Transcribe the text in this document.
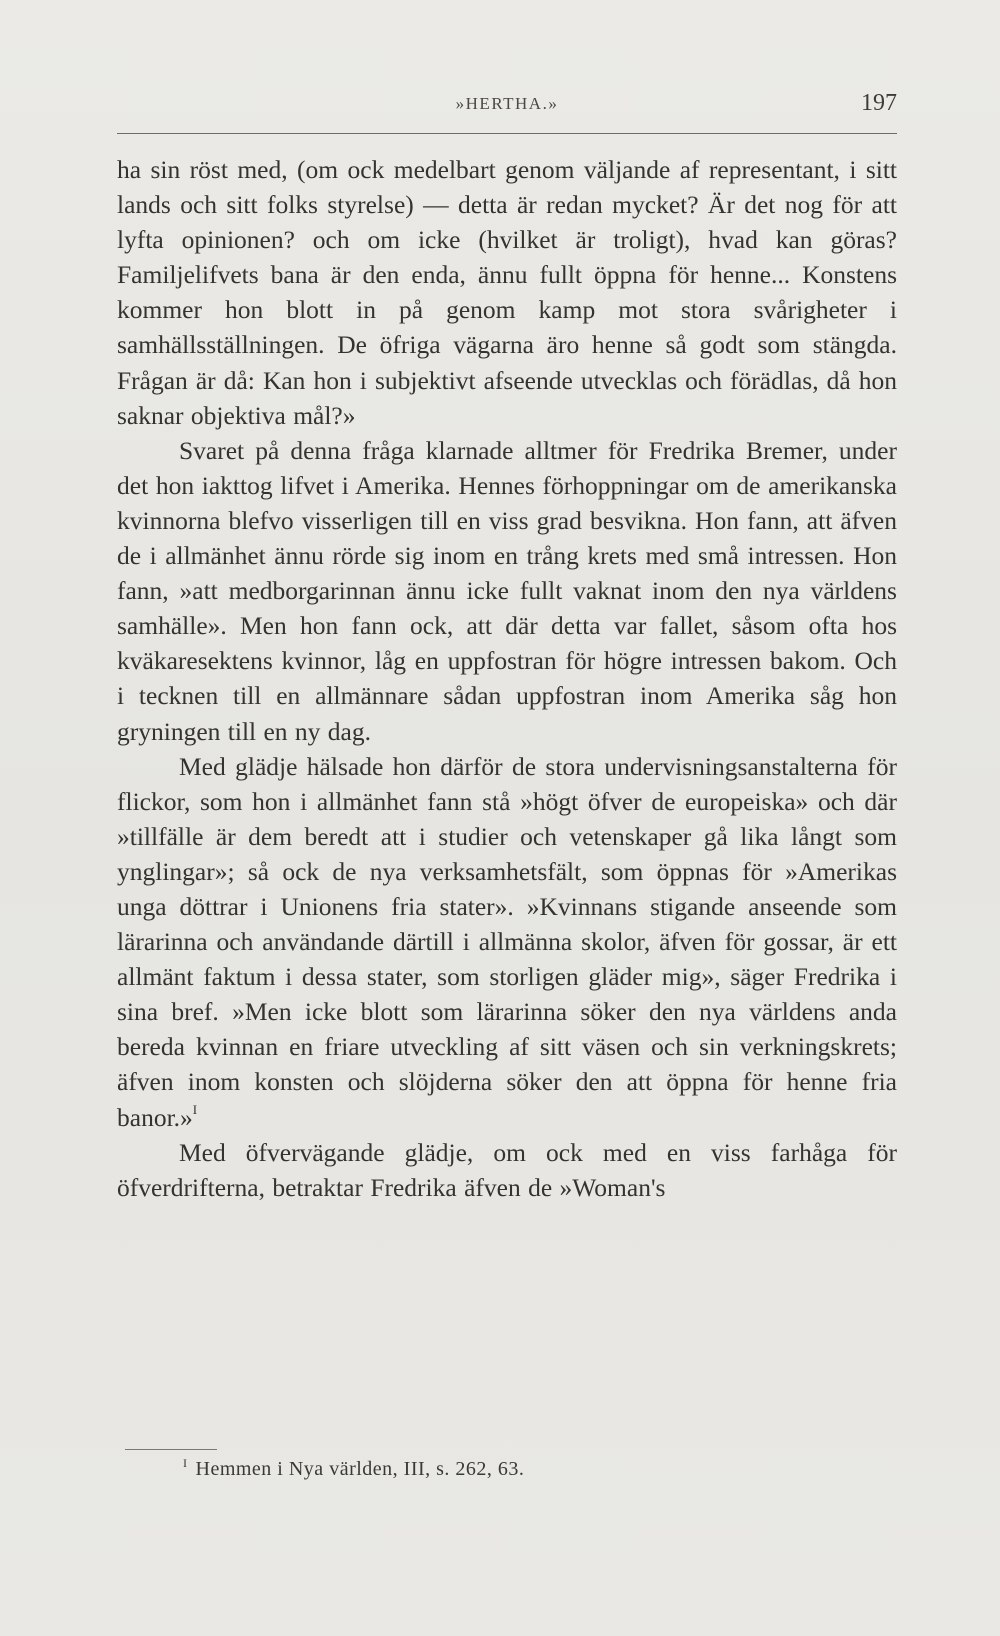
»HERTHA.»	197

ha sin röst med, (om ock medelbart genom väljande af representant, i sitt lands och sitt folks styrelse) — detta är redan mycket? Är det nog för att lyfta opinionen? och om icke (hvilket är troligt), hvad kan göras? Familjelifvets bana är den enda, ännu fullt öppna för henne... Konstens kommer hon blott in på genom kamp mot stora svårigheter i samhällsställningen. De öfriga vägarna äro henne så godt som stängda. Frågan är då: Kan hon i subjektivt afseende utvecklas och förädlas, då hon saknar objektiva mål?»

Svaret på denna fråga klarnade alltmer för Fredrika Bremer, under det hon iakttog lifvet i Amerika. Hennes förhoppningar om de amerikanska kvinnorna blefvo visserligen till en viss grad besvikna. Hon fann, att äfven de i allmänhet ännu rörde sig inom en trång krets med små intressen. Hon fann, »att medborgarinnan ännu icke fullt vaknat inom den nya världens samhälle». Men hon fann ock, att där detta var fallet, såsom ofta hos kväkaresektens kvinnor, låg en uppfostran för högre intressen bakom. Och i tecknen till en allmännare sådan uppfostran inom Amerika såg hon gryningen till en ny dag.

Med glädje hälsade hon därför de stora undervisningsanstalterna för flickor, som hon i allmänhet fann stå »högt öfver de europeiska» och där »tillfälle är dem beredt att i studier och vetenskaper gå lika långt som ynglingar»; så ock de nya verksamhetsfält, som öppnas för »Amerikas unga döttrar i Unionens fria stater». »Kvinnans stigande anseende som lärarinna och användande därtill i allmänna skolor, äfven för gossar, är ett allmänt faktum i dessa stater, som storligen gläder mig», säger Fredrika i sina bref. »Men icke blott som lärarinna söker den nya världens anda bereda kvinnan en friare utveckling af sitt väsen och sin verkningskrets; äfven inom konsten och slöjderna söker den att öppna för henne fria banor.»$^I$

Med öfvervägande glädje, om ock med en viss farhåga för öfverdrifterna, betraktar Fredrika äfven de »Woman's

$^I$ Hemmen i Nya världen, III, s. 262, 63.
